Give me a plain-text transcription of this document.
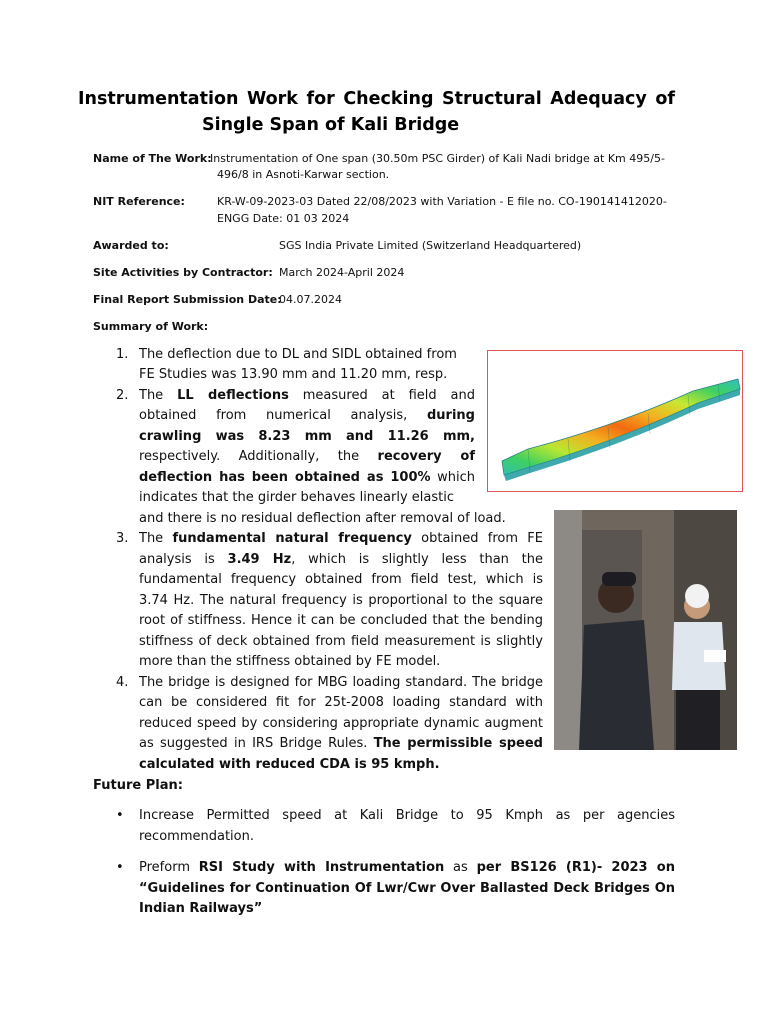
Instrumentation Work for Checking Structural Adequacy of
Single Span of Kali Bridge
Name of The Work:
Instrumentation of One span (30.50m PSC Girder) of Kali Nadi bridge at Km 495/5-
496/8 in Asnoti-Karwar section.
NIT Reference:	KR-W-09-2023-03 Dated 22/08/2023 with Variation - E file no. CO-190141412020-
ENGG Date: 01 03 2024
Awarded to:	SGS India Private Limited (Switzerland Headquartered)
Site Activities by Contractor: March 2024-April 2024
Final Report Submission Date:
04.07.2024
Summary of Work:
1. The deflection due to DL and SIDL obtained from
FE Studies was 13.90 mm and 11.20 mm, resp.
2. The LL deflections measured at field and
obtained from numerical analysis, during
crawling was 8.23 mm and 11.26 mm,
respectively. Additionally, the recovery of
deflection has been obtained as 100% which
indicates that the girder behaves linearly elastic
and there is no residual deflection after removal of load.
3. The fundamental natural frequency obtained from FE
analysis is 3.49 Hz, which is slightly less than the
fundamental frequency obtained from field test, which is
3.74 Hz. The natural frequency is proportional to the square
root of stiffness. Hence it can be concluded that the bending
stiffness of deck obtained from field measurement is slightly
more than the stiffness obtained by FE model.
4. The bridge is designed for MBG loading standard. The bridge
can be considered fit for 25t-2008 loading standard with
reduced speed by considering appropriate dynamic augment
as suggested in IRS Bridge Rules. The permissible speed
calculated with reduced CDA is 95 kmph.
Future Plan:
• Increase Permitted speed at Kali Bridge to 95 Kmph as per agencies
recommendation.
• Preform RSI Study with Instrumentation as per BS126 (R1)- 2023 on
“Guidelines for Continuation Of Lwr/Cwr Over Ballasted Deck Bridges On
Indian Railways”
